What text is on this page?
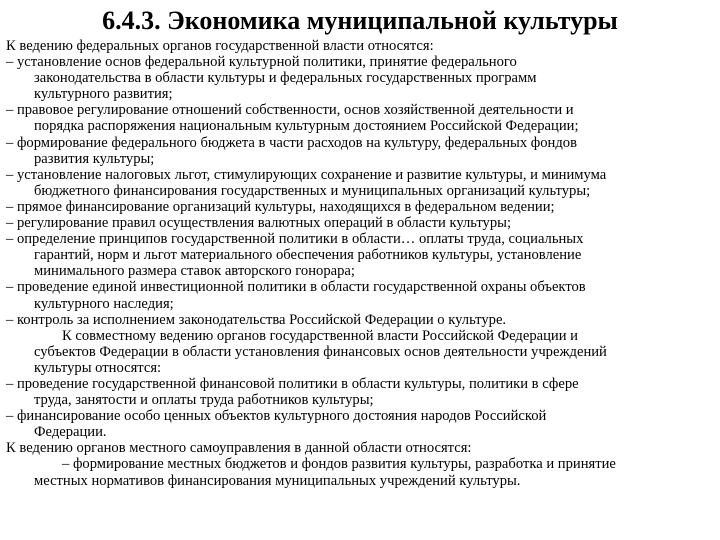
6.4.3. Экономика муниципальной культуры
К ведению федеральных органов государственной власти относятся:
– установление основ федеральной культурной политики, принятие федерального
законодательства в области культуры и федеральных государственных программ
культурного развития;
– правовое регулирование отношений собственности, основ хозяйственной деятельности и
порядка распоряжения национальным культурным достоянием Российской Федерации;
– формирование федерального бюджета в части расходов на культуру, федеральных фондов
развития культуры;
– установление налоговых льгот, стимулирующих сохранение и развитие культуры, и минимума
бюджетного финансирования государственных и муниципальных организаций культуры;
– прямое финансирование организаций культуры, находящихся в федеральном ведении;
– регулирование правил осуществления валютных операций в области культуры;
– определение принципов государственной политики в области… оплаты труда, социальных
гарантий, норм и льгот материального обеспечения работников культуры, установление
минимального размера ставок авторского гонорара;
– проведение единой инвестиционной политики в области государственной охраны объектов
культурного наследия;
– контроль за исполнением законодательства Российской Федерации о культуре.
К совместному ведению органов государственной власти Российской Федерации и
субъектов Федерации в области установления финансовых основ деятельности учреждений
культуры относятся:
– проведение государственной финансовой политики в области культуры, политики в сфере
труда, занятости и оплаты труда работников культуры;
– финансирование особо ценных объектов культурного достояния народов Российской
Федерации.
К ведению органов местного самоуправления в данной области относятся:
– формирование местных бюджетов и фондов развития культуры, разработка и принятие
местных нормативов финансирования муниципальных учреждений культуры.
